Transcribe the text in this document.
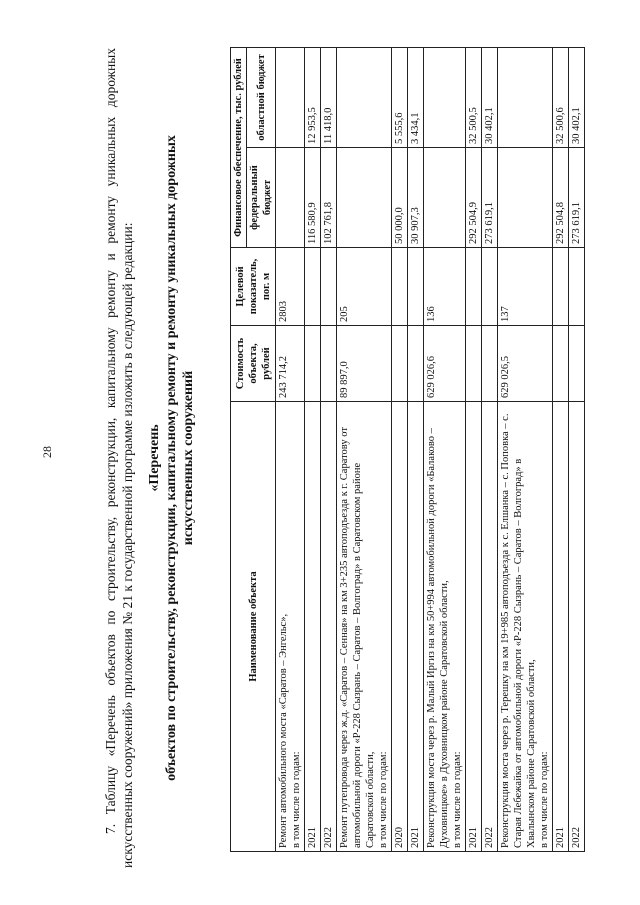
28	7. Таблицу «Перечень объектов по строительству, реконструкции, капитальному ремонту и ремонту уникальных дорожных искусственных сооружений» приложения № 21 к государственной программе изложить в следующей редакции: «Перечень объектов по строительству, реконструкции, капитальному ремонту и ремонту уникальных дорожных искусственных сооружений
Наименование объекта	Стоимость объекта, рублей	Целевой показатель, пог. м	Финансовое обеспечение, тыс. рублей	
			федеральный бюджет	областной бюджет
Ремонт автомобильного моста «Саратов – Энгельс», в том числе по годам:	243 714,2	2803		
2021			116 580,9	12 953,5
2022			102 761,8	11 418,0
Ремонт путепровода через ж.д. «Саратов – Сенная» на км 3+235 автоподъезда к г. Саратову от автомобильной дороги «Р-228 Сызрань – Саратов – Волгоград» в Саратовском районе Саратовской области, в том числе по годам:	89 897,0	205		
2020			50 000,0	5 555,6
2021			30 907,3	3 434,1
Реконструкция моста через р. Малый Иргиз на км 50+994 автомобильной дороги «Балаково – Духовницкое» в Духовницком районе Саратовской области, в том числе по годам:	629 026,6	136		
2021			292 504,9	32 500,5
2022			273 619,1	30 402,1
Реконструкция моста через р. Терешку на км 19+985 автоподъезда к с. Елшанка – с. Поповка – с. Старая Лебежайка от автомобильной дороги «Р-228 Сызрань – Саратов – Волгоград» в Хвалынском районе Саратовской области, в том числе по годам:	629 026,5	137		
2021			292 504,8	32 500,6
2022			273 619,1	30 402,1
